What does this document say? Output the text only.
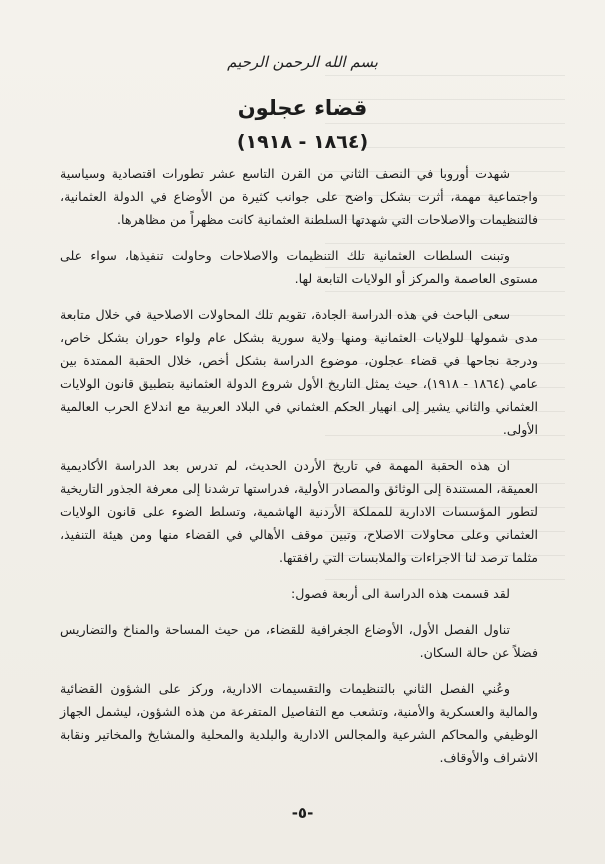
بسم الله الرحمن الرحيم
قضاء عجلون
(١٨٦٤ - ١٩١٨)

شهدت أوروبا في النصف الثاني من القرن التاسع عشر تطورات اقتصادية وسياسية واجتماعية مهمة، أثرت بشكل واضح على جوانب كثيرة من الأوضاع في الدولة العثمانية، فالتنظيمات والاصلاحات التي شهدتها السلطنة العثمانية كانت مظهراً من مظاهرها.

وتبنت السلطات العثمانية تلك التنظيمات والاصلاحات وحاولت تنفيذها، سواء على مستوى العاصمة والمركز أو الولايات التابعة لها.

سعى الباحث في هذه الدراسة الجادة، تقويم تلك المحاولات الاصلاحية في خلال متابعة مدى شمولها للولايات العثمانية ومنها ولاية سورية بشكل عام ولواء حوران بشكل خاص، ودرجة نجاحها في قضاء عجلون، موضوع الدراسة بشكل أخص، خلال الحقبة الممتدة بين عامي (١٨٦٤ - ١٩١٨)، حيث يمثل التاريخ الأول شروع الدولة العثمانية بتطبيق قانون الولايات العثماني والثاني يشير إلى انهيار الحكم العثماني في البلاد العربية مع اندلاع الحرب العالمية الأولى.

ان هذه الحقبة المهمة في تاريخ الأردن الحديث، لم تدرس بعد الدراسة الأكاديمية العميقة، المستندة إلى الوثائق والمصادر الأولية، فدراستها ترشدنا إلى معرفة الجذور التاريخية لتطور المؤسسات الادارية للمملكة الأردنية الهاشمية، وتسلط الضوء على قانون الولايات العثماني وعلى محاولات الاصلاح، وتبين موقف الأهالي في القضاء منها ومن هيئة التنفيذ، مثلما ترصد لنا الاجراءات والملابسات التي رافقتها.

لقد قسمت هذه الدراسة الى أربعة فصول:

تناول الفصل الأول، الأوضاع الجغرافية للقضاء، من حيث المساحة والمناخ والتضاريس فضلاً عن حالة السكان.

وعُني الفصل الثاني بالتنظيمات والتقسيمات الادارية، وركز على الشؤون القضائية والمالية والعسكرية والأمنية، وتشعب مع التفاصيل المتفرعة من هذه الشؤون، ليشمل الجهاز الوظيفي والمحاكم الشرعية والمجالس الادارية والبلدية والمحلية والمشايخ والمخاتير ونقابة الاشراف والأوقاف.

-٥-
